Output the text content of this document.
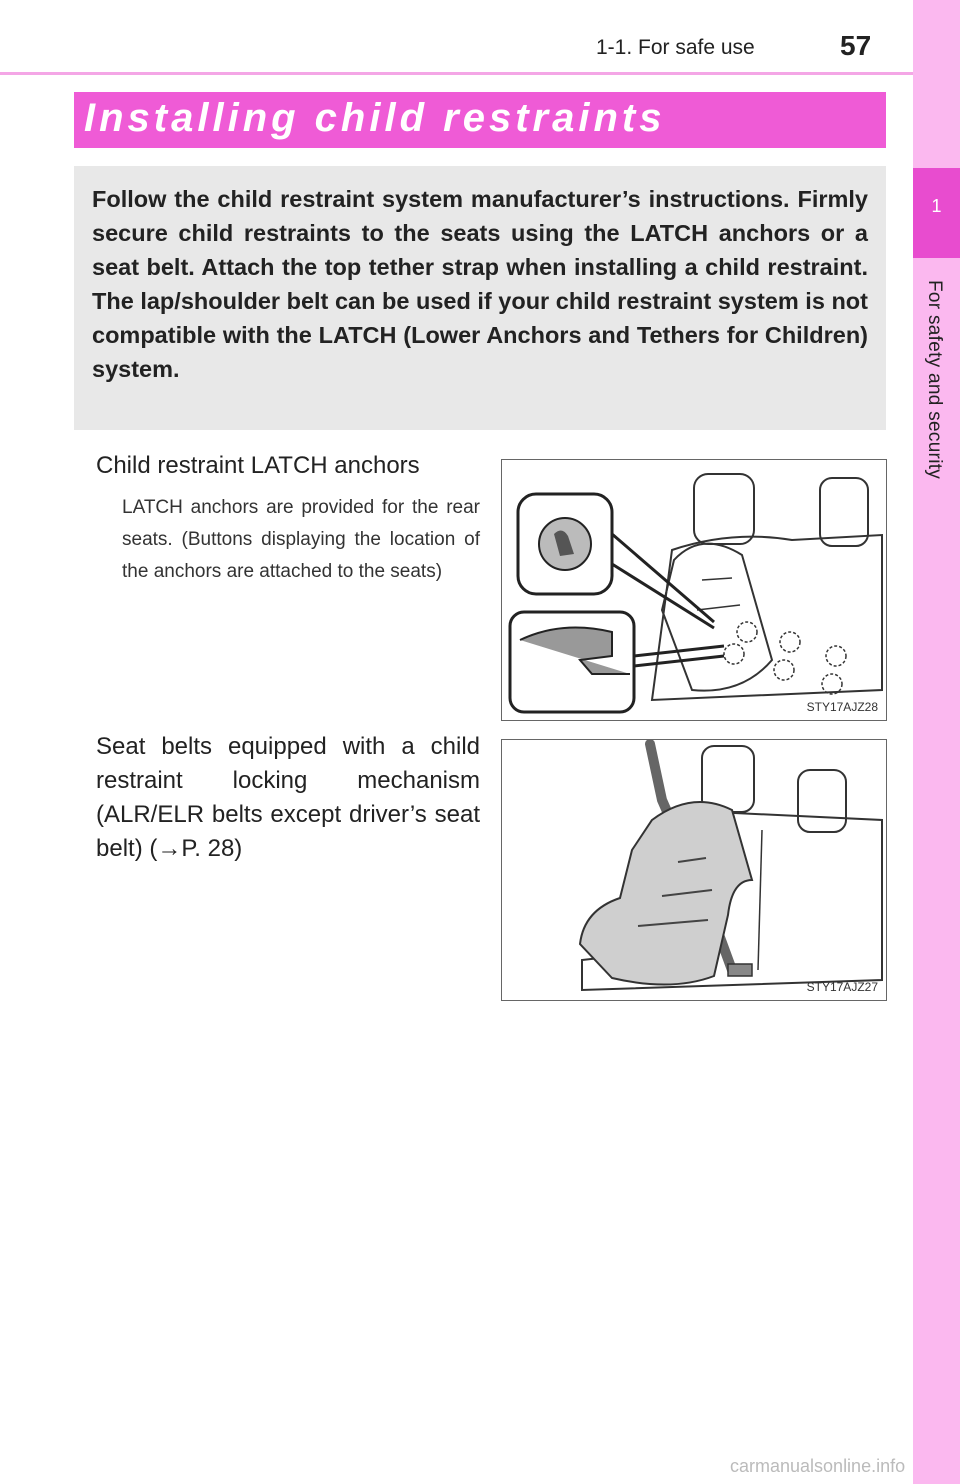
1-1. For safe use	57
1
For safety and security
Installing child restraints

Follow the child restraint system manufacturer’s instructions. Firmly secure child restraints to the seats using the LATCH anchors or a seat belt. Attach the top tether strap when installing a child restraint. The lap/shoulder belt can be used if your child restraint system is not compatible with the LATCH (Lower Anchors and Tethers for Children) system.

Child restraint LATCH anchors
LATCH anchors are provided for the rear seats. (Buttons displaying the location of the anchors are attached to the seats)
STY17AJZ28
Seat belts equipped with a child restraint locking mechanism (ALR/ELR belts except driver’s seat belt) (→P. 28)
STY17AJZ27
carmanualsonline.info
